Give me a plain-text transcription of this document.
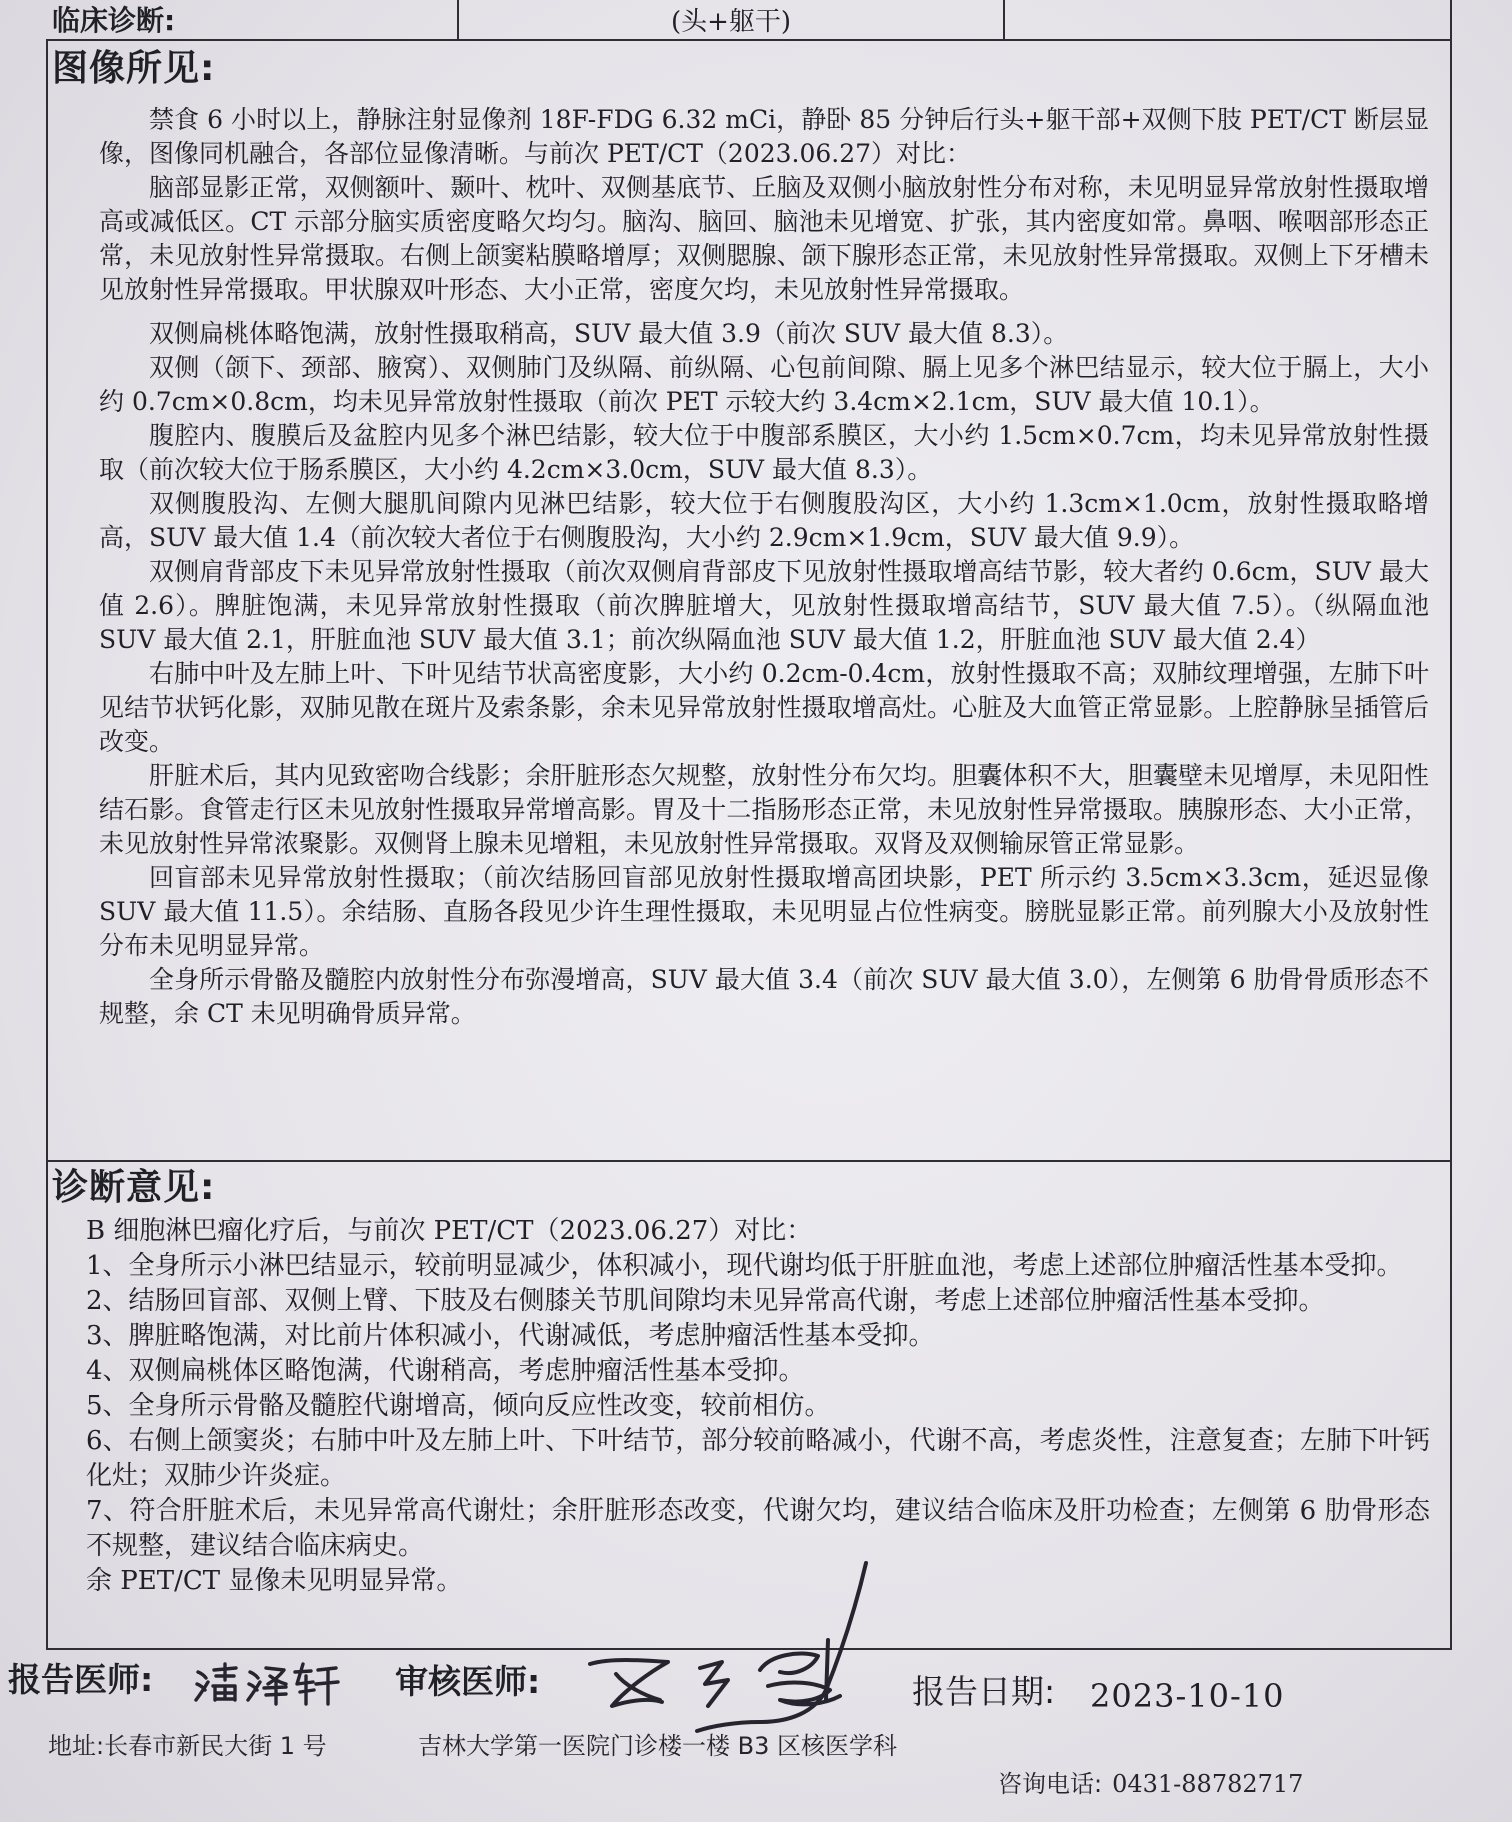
临床诊断:	(头+躯干)
图像所见:

禁食 6 小时以上，静脉注射显像剂 18F-FDG 6.32 mCi，静卧 85 分钟后行头+躯干部+双侧下肢 PET/CT 断层显像，图像同机融合，各部位显像清晰。与前次 PET/CT（2023.06.27）对比：

脑部显影正常，双侧额叶、颞叶、枕叶、双侧基底节、丘脑及双侧小脑放射性分布对称，未见明显异常放射性摄取增高或减低区。CT 示部分脑实质密度略欠均匀。脑沟、脑回、脑池未见增宽、扩张，其内密度如常。鼻咽、喉咽部形态正常，未见放射性异常摄取。右侧上颌窦粘膜略增厚；双侧腮腺、颌下腺形态正常，未见放射性异常摄取。双侧上下牙槽未见放射性异常摄取。甲状腺双叶形态、大小正常，密度欠均，未见放射性异常摄取。

双侧扁桃体略饱满，放射性摄取稍高，SUV 最大值 3.9（前次 SUV 最大值 8.3）。

双侧（颌下、颈部、腋窝）、双侧肺门及纵隔、前纵隔、心包前间隙、膈上见多个淋巴结显示，较大位于膈上，大小约 0.7cm×0.8cm，均未见异常放射性摄取（前次 PET 示较大约 3.4cm×2.1cm，SUV 最大值 10.1）。

腹腔内、腹膜后及盆腔内见多个淋巴结影，较大位于中腹部系膜区，大小约 1.5cm×0.7cm，均未见异常放射性摄取（前次较大位于肠系膜区，大小约 4.2cm×3.0cm，SUV 最大值 8.3）。

双侧腹股沟、左侧大腿肌间隙内见淋巴结影，较大位于右侧腹股沟区，大小约 1.3cm×1.0cm，放射性摄取略增高，SUV 最大值 1.4（前次较大者位于右侧腹股沟，大小约 2.9cm×1.9cm，SUV 最大值 9.9）。

双侧肩背部皮下未见异常放射性摄取（前次双侧肩背部皮下见放射性摄取增高结节影，较大者约 0.6cm，SUV 最大值 2.6）。脾脏饱满，未见异常放射性摄取（前次脾脏增大，见放射性摄取增高结节，SUV 最大值 7.5）。（纵隔血池 SUV 最大值 2.1，肝脏血池 SUV 最大值 3.1；前次纵隔血池 SUV 最大值 1.2，肝脏血池 SUV 最大值 2.4）

右肺中叶及左肺上叶、下叶见结节状高密度影，大小约 0.2cm-0.4cm，放射性摄取不高；双肺纹理增强，左肺下叶见结节状钙化影，双肺见散在斑片及索条影，余未见异常放射性摄取增高灶。心脏及大血管正常显影。上腔静脉呈插管后改变。

肝脏术后，其内见致密吻合线影；余肝脏形态欠规整，放射性分布欠均。胆囊体积不大，胆囊壁未见增厚，未见阳性结石影。食管走行区未见放射性摄取异常增高影。胃及十二指肠形态正常，未见放射性异常摄取。胰腺形态、大小正常，未见放射性异常浓聚影。双侧肾上腺未见增粗，未见放射性异常摄取。双肾及双侧输尿管正常显影。

回盲部未见异常放射性摄取；（前次结肠回盲部见放射性摄取增高团块影，PET 所示约 3.5cm×3.3cm，延迟显像 SUV 最大值 11.5）。余结肠、直肠各段见少许生理性摄取，未见明显占位性病变。膀胱显影正常。前列腺大小及放射性分布未见明显异常。

全身所示骨骼及髓腔内放射性分布弥漫增高，SUV 最大值 3.4（前次 SUV 最大值 3.0），左侧第 6 肋骨骨质形态不规整，余 CT 未见明确骨质异常。

诊断意见:

B 细胞淋巴瘤化疗后，与前次 PET/CT（2023.06.27）对比：

1、全身所示小淋巴结显示，较前明显减少，体积减小，现代谢均低于肝脏血池，考虑上述部位肿瘤活性基本受抑。

2、结肠回盲部、双侧上臂、下肢及右侧膝关节肌间隙均未见异常高代谢，考虑上述部位肿瘤活性基本受抑。

3、脾脏略饱满，对比前片体积减小，代谢减低，考虑肿瘤活性基本受抑。

4、双侧扁桃体区略饱满，代谢稍高，考虑肿瘤活性基本受抑。

5、全身所示骨骼及髓腔代谢增高，倾向反应性改变，较前相仿。

6、右侧上颌窦炎；右肺中叶及左肺上叶、下叶结节，部分较前略减小，代谢不高，考虑炎性，注意复查；左肺下叶钙化灶；双肺少许炎症。

7、符合肝脏术后，未见异常高代谢灶；余肝脏形态改变，代谢欠均，建议结合临床及肝功检查；左侧第 6 肋骨形态不规整，建议结合临床病史。

余 PET/CT 显像未见明显异常。

报告医师:	审核医师:	报告日期: 2023-10-10
地址:长春市新民大街 1 号	吉林大学第一医院门诊楼一楼 B3 区核医学科
咨询电话: 0431-88782717
